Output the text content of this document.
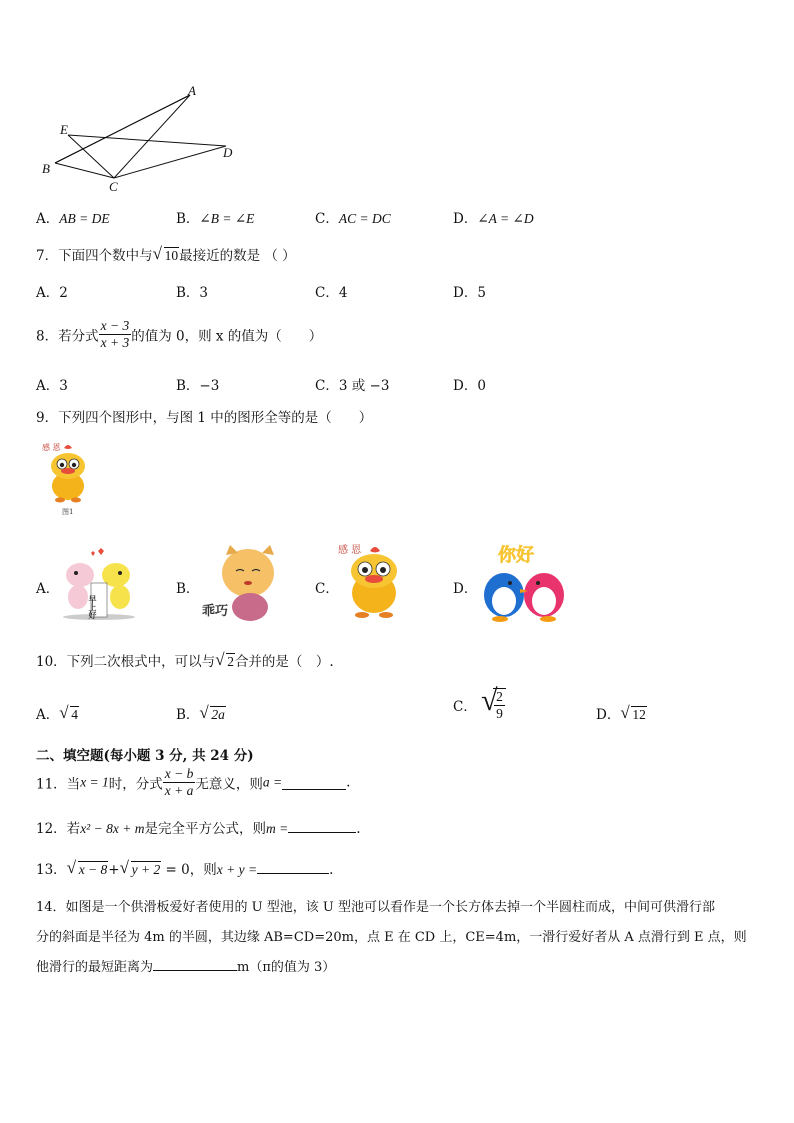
A
E
D
B
C
A．AB = DE	B．∠B = ∠E	C．AC = DC	D．∠A = ∠D
7．下面四个数中与 √ 10最接近的数是 （ ）
A．2	B．3	C．4	D．5
8．若分式 $\frac{x - 3}{x + 3}$ 的值为 0，则 x 的值为（　　）
A．3	B．−3	C．3 或 −3	D．0
9．下列四个图形中，与图 1 中的图形全等的是（　　）
感 恩
图1
A．
早上好
B．
乖巧
C．
感 恩
D．
你好
10．下列二次根式中，可以与 √ 2合并的是（　）.
A． √ 4	B． √ 2a	C． √
$\frac{2}{9}$	D． √ 12
二、填空题(每小题 3 分, 共 24 分)
11．当x = 1时，分式 $\frac{x - b}{x + a}$ 无意义，则a =	.
12．若x² − 8x + m是完全平方公式，则m =	.
13． √ x − 8+ √ y + 2 = 0，则x + y =	.
14．如图是一个供滑板爱好者使用的 U 型池，该 U 型池可以看作是一个长方体去掉一个半圆柱而成，中间可供滑行部
分的斜面是半径为 4m 的半圆，其边缘 AB=CD=20m，点 E 在 CD 上，CE=4m，一滑行爱好者从 A 点滑行到 E 点，则
他滑行的最短距离为	m（π的值为 3）
